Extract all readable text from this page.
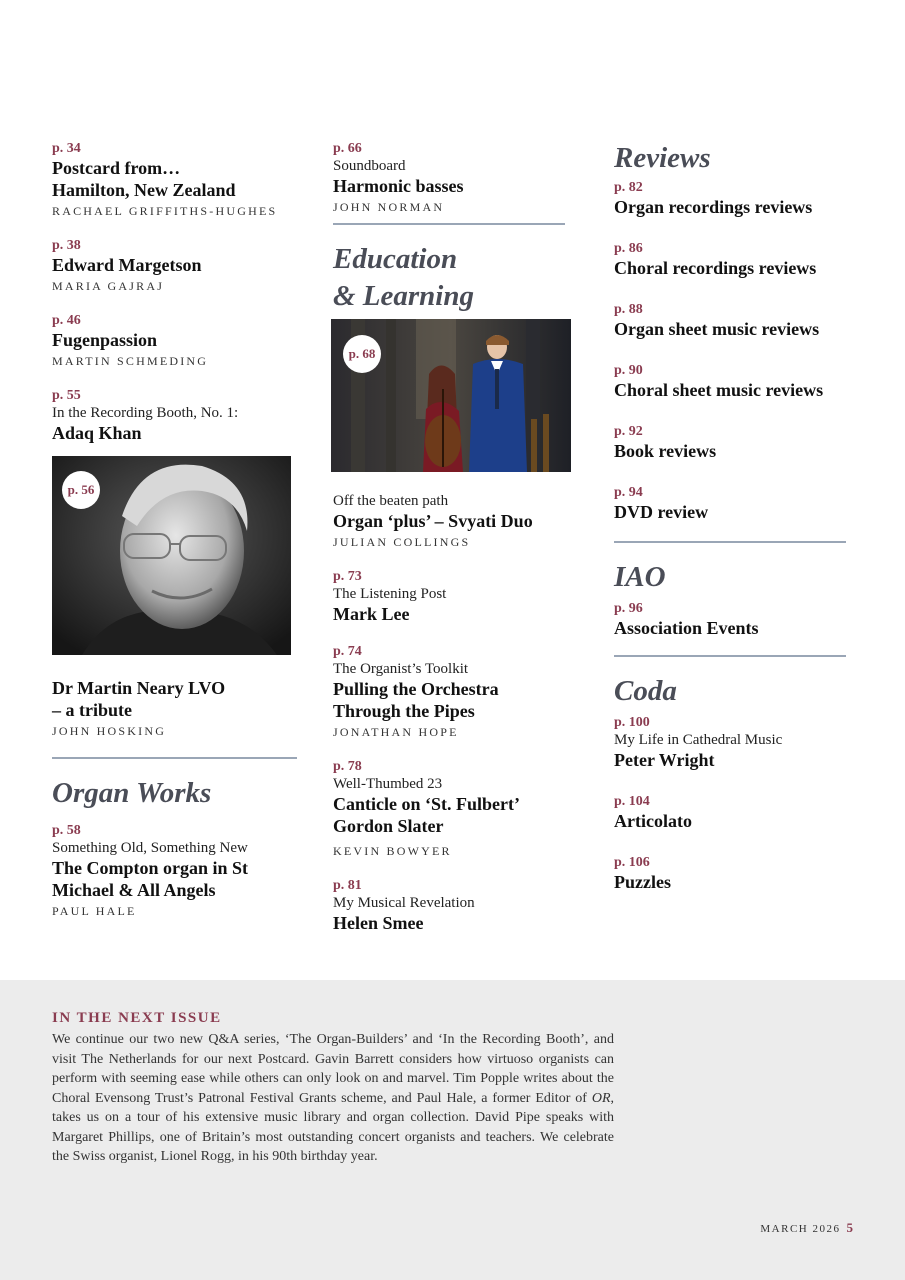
p. 34
Postcard from…
Hamilton, New Zealand
RACHAEL GRIFFITHS-HUGHES
p. 38
Edward Margetson
MARIA GAJRAJ
p. 46
Fugenpassion
MARTIN SCHMEDING
p. 55
In the Recording Booth, No. 1:
Adaq Khan
p. 56
Dr Martin Neary LVO
– a tribute
JOHN HOSKING
Organ Works
p. 58
Something Old, Something New
The Compton organ in St
Michael & All Angels
PAUL HALE
p. 66
Soundboard
Harmonic basses
JOHN NORMAN
Education
& Learning
p. 68
Off the beaten path
Organ ‘plus’ – Svyati Duo
JULIAN COLLINGS
p. 73
The Listening Post
Mark Lee
p. 74
The Organist’s Toolkit
Pulling the Orchestra
Through the Pipes
JONATHAN HOPE
p. 78
Well-Thumbed 23
Canticle on ‘St. Fulbert’
Gordon Slater
KEVIN BOWYER
p. 81
My Musical Revelation
Helen Smee
Reviews
p. 82
Organ recordings reviews
p. 86
Choral recordings reviews
p. 88
Organ sheet music reviews
p. 90
Choral sheet music reviews
p. 92
Book reviews
p. 94
DVD review
IAO
p. 96
Association Events
Coda
p. 100
My Life in Cathedral Music
Peter Wright
p. 104
Articolato
p. 106
Puzzles
IN THE NEXT ISSUE
We continue our two new Q&A series, ‘The Organ-Builders’ and ‘In the Recording Booth’, and visit The Netherlands for our next Postcard. Gavin Barrett considers how virtuoso organists can perform with seeming ease while others can only look on and marvel. Tim Popple writes about the Choral Evensong Trust’s Patronal Festival Grants scheme, and Paul Hale, a former Editor of OR, takes us on a tour of his extensive music library and organ collection. David Pipe speaks with Margaret Phillips, one of Britain’s most outstanding concert organists and teachers. We celebrate the Swiss organist, Lionel Rogg, in his 90th birthday year.
MARCH 2026 5
